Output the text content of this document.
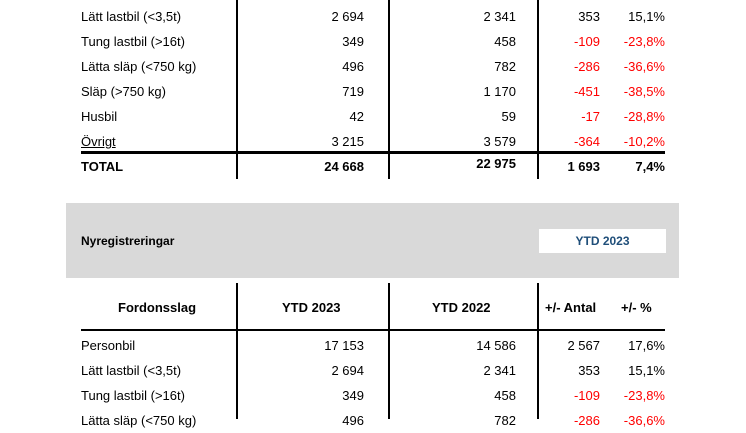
Lätt lastbil (<3,5t)	2 694	2 341	353 15,1%
Tung lastbil (>16t)	349	458	-109 -23,8%
Lätta släp (<750 kg)	496	782	-286 -36,6%
Släp (>750 kg)	719	1 170	-451 -38,5%
Husbil	42	59	-17 -28,8%
Övrigt	3 215	3 579	-364 -10,2%
TOTAL	24 668	22 975	1 693	7,4%
Nyregistreringar	YTD 2023
Fordonsslag	YTD 2023	YTD 2022	+/- Antal +/- %
Personbil	17 153	14 586	2 567 17,6%
Lätt lastbil (<3,5t)	2 694	2 341	353 15,1%
Tung lastbil (>16t)	349	458	-109 -23,8%
Lätta släp (<750 kg)	496	782	-286 -36,6%
